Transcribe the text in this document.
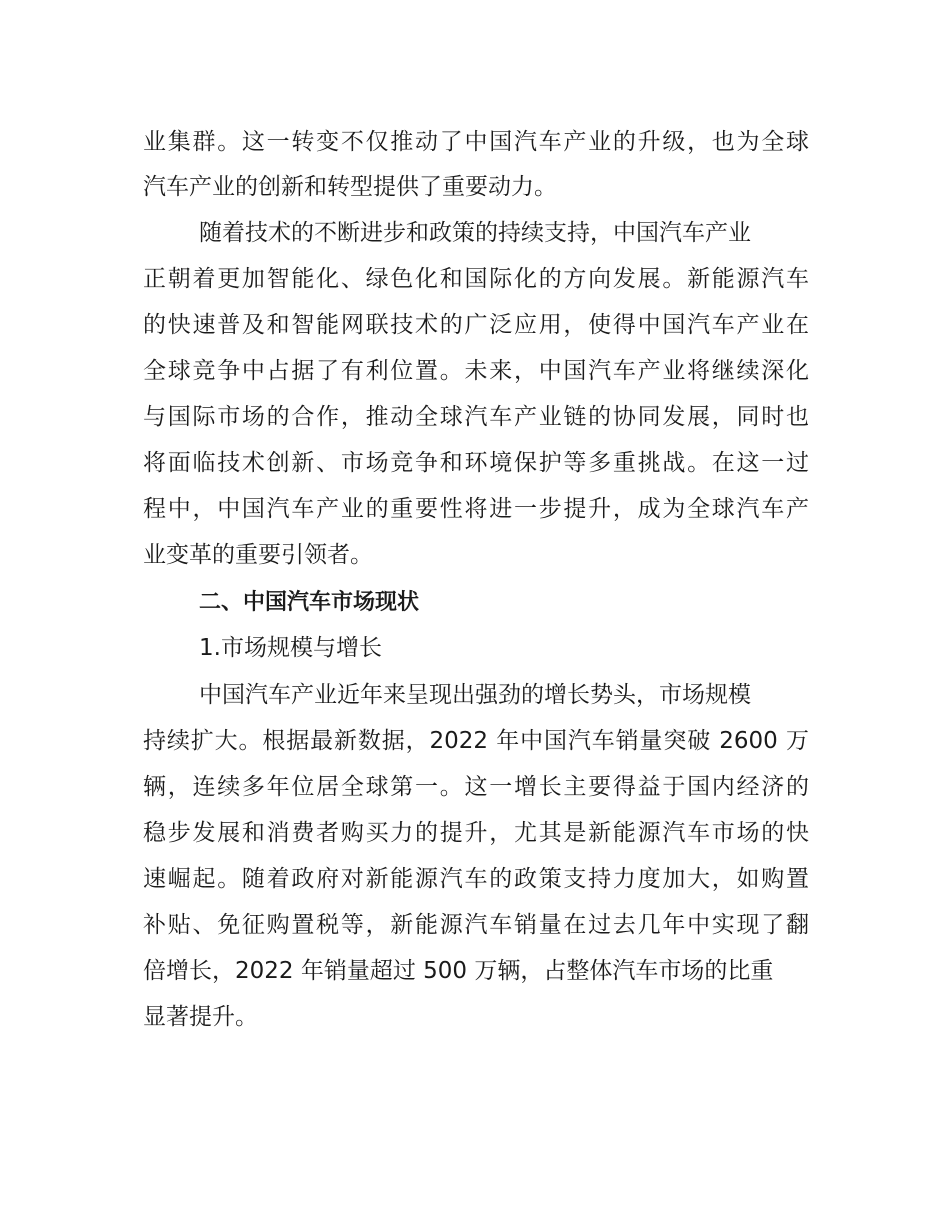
业集群。这一转变不仅推动了中国汽车产业的升级，也为全球
汽车产业的创新和转型提供了重要动力。
随着技术的不断进步和政策的持续支持，中国汽车产业
正朝着更加智能化、绿色化和国际化的方向发展。新能源汽车
的快速普及和智能网联技术的广泛应用，使得中国汽车产业在
全球竞争中占据了有利位置。未来，中国汽车产业将继续深化
与国际市场的合作，推动全球汽车产业链的协同发展，同时也
将面临技术创新、市场竞争和环境保护等多重挑战。在这一过
程中，中国汽车产业的重要性将进一步提升，成为全球汽车产
业变革的重要引领者。
二、中国汽车市场现状
1.市场规模与增长
中国汽车产业近年来呈现出强劲的增长势头，市场规模
持续扩大。根据最新数据，2022 年中国汽车销量突破 2600 万
辆，连续多年位居全球第一。这一增长主要得益于国内经济的
稳步发展和消费者购买力的提升，尤其是新能源汽车市场的快
速崛起。随着政府对新能源汽车的政策支持力度加大，如购置
补贴、免征购置税等，新能源汽车销量在过去几年中实现了翻
倍增长，2022 年销量超过 500 万辆，占整体汽车市场的比重
显著提升。
